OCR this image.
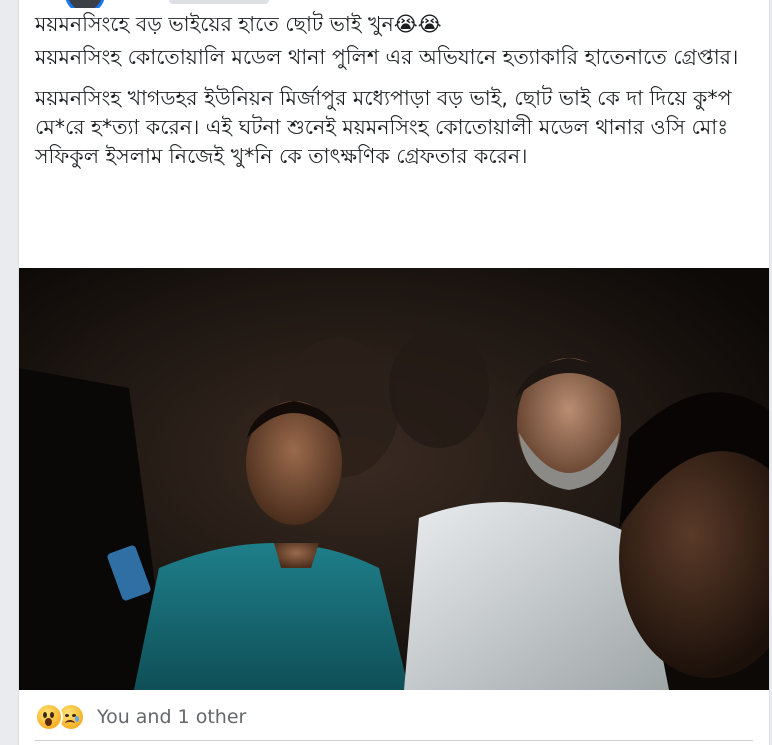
ময়মনসিংহে বড় ভাইয়ের হাতে ছোট ভাই খুন😭😭

ময়মনসিংহ কোতোয়ালি মডেল থানা পুলিশ এর অভিযানে হত্যাকারি হাতেনাতে গ্রেপ্তার।

ময়মনসিংহ খাগডহর ইউনিয়ন মির্জাপুর মধ্যেপাড়া বড় ভাই, ছোট ভাই কে দা দিয়ে কু*প মে*রে হ*ত্যা করেন। এই ঘটনা শুনেই ময়মনসিংহ কোতোয়ালী মডেল থানার ওসি মোঃ সফিকুল ইসলাম নিজেই খু*নি কে তাৎক্ষণিক গ্রেফতার করেন।

You and 1 other
